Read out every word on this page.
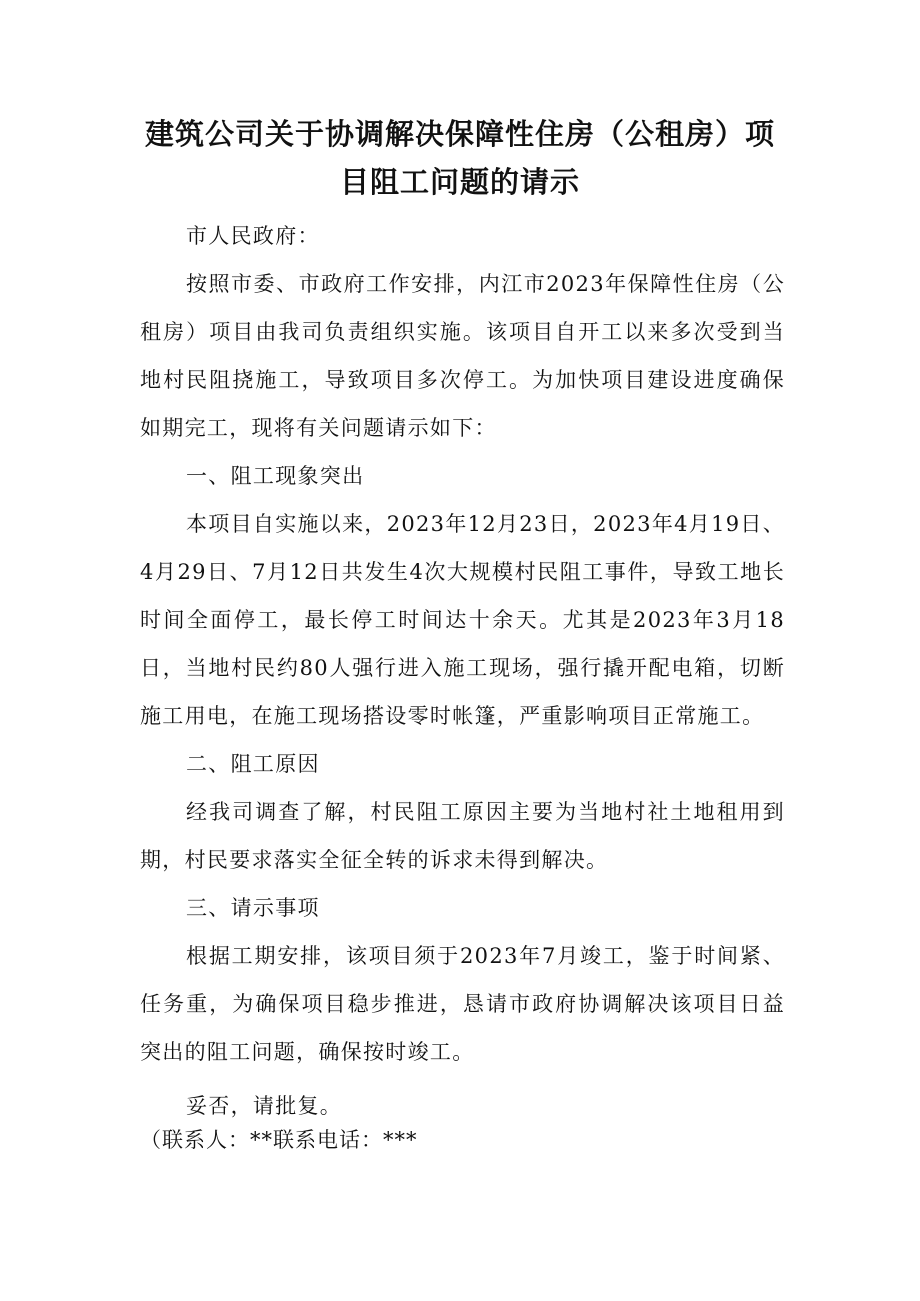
建筑公司关于协调解决保障性住房（公租房）项
目阻工问题的请示

市人民政府：

按照市委、市政府工作安排，内江市2023年保障性住房（公租房）项目由我司负责组织实施。该项目自开工以来多次受到当地村民阻挠施工，导致项目多次停工。为加快项目建设进度确保如期完工，现将有关问题请示如下：

一、阻工现象突出

本项目自实施以来，2023年12月23日，2023年4月19日、4月29日、7月12日共发生4次大规模村民阻工事件，导致工地长时间全面停工，最长停工时间达十余天。尤其是2023年3月18日，当地村民约80人强行进入施工现场，强行撬开配电箱，切断施工用电，在施工现场搭设零时帐篷，严重影响项目正常施工。

二、阻工原因

经我司调查了解，村民阻工原因主要为当地村社土地租用到期，村民要求落实全征全转的诉求未得到解决。

三、请示事项

根据工期安排，该项目须于2023年7月竣工，鉴于时间紧、任务重，为确保项目稳步推进，恳请市政府协调解决该项目日益突出的阻工问题，确保按时竣工。

妥否，请批复。
（联系人：**联系电话：***
